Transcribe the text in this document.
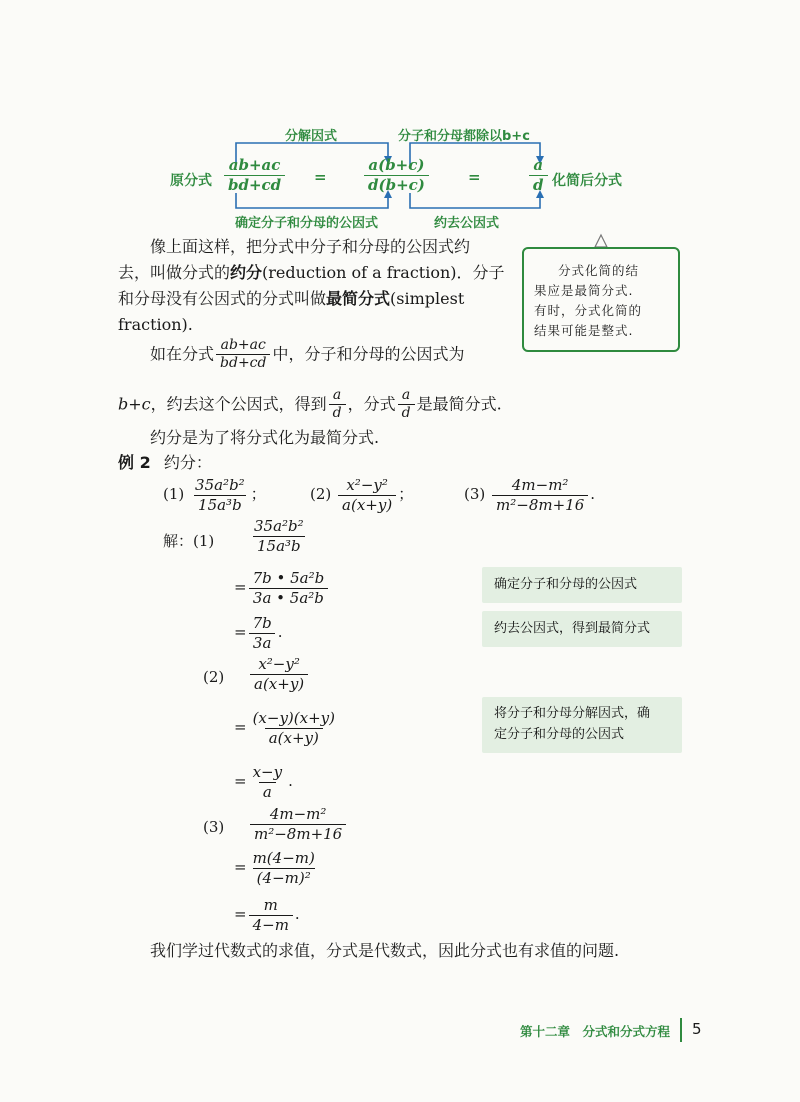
分解因式	分子和分母都除以b+c
确定分子和分母的公因式	约去公因式
原分式	化简后分式
$\frac{ab+ac}{bd+cd} = \frac{a(b+c)}{d(b+c)}$	=	$\frac{a}{d}$
分式化简的结
果应是最简分式.
有时，分式化简的
结果可能是整式.
像上面这样，把分式中分子和分母的公因式约
去，叫做分式的约分(reduction of a fraction)．分子
和分母没有公因式的分式叫做最简分式(simplest
fraction).
如在分式 $\frac{ab+ac}{bd+cd}$ 中，分子和分母的公因式为
b+c，约去这个公因式，得到 $\frac{a}{d}$ ，分式 $\frac{a}{d}$ 是最简分式.
约分是为了将分式化为最简分式.
例 2 约分：
$(1) \frac{\text{35a²b²}}{\text{15a³b}}$ ；	$(2) \frac{\text{x²−y²}}{a(x+y)}$ ；	$(3) \frac{\text{4m−m²}}{\text{m²−8m+16}}$ .
解：$(1) \frac{\text{35a²b²}}{\text{15a³b}}$
= $\frac{\text{7b • 5a²b}}{\text{3a • 5a²b}}$
= $\frac{7b}{3a}$ .
$(2) \frac{\text{x²−y²}}{a(x+y)}$
= $\frac{(x-y)(x+y)}{a(x+y)}$
= $\frac{x-y}{a}$ .
$(3) \frac{\text{4m−m²}}{\text{m²−8m+16}}$
= $\frac{m(4-m)}{\text{(4−m)²}}$
= $\frac{m}{4-m}$ .
确定分子和分母的公因式
约去公因式，得到最简分式
将分子和分母分解因式，确
定分子和分母的公因式
我们学过代数式的求值，分式是代数式，因此分式也有求值的问题.
第十二章　分式和分式方程 5
